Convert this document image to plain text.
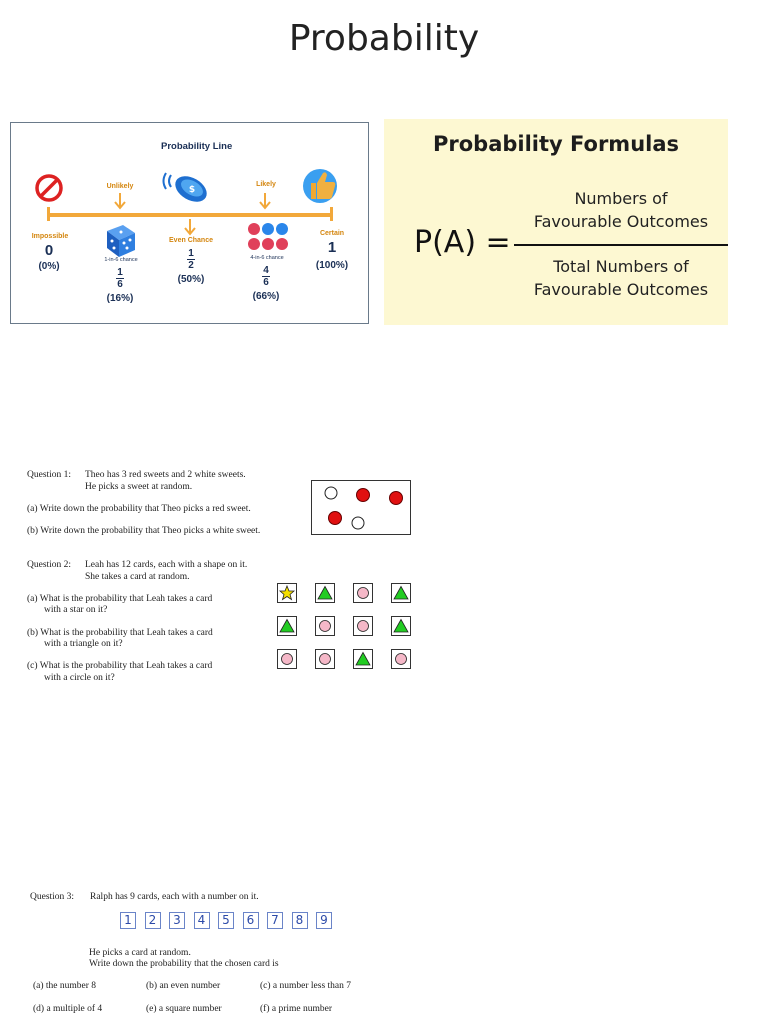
Probability
Probability Line
$
Impossible
0
(0%)
Unlikely
1-in-6 chance
1
6
(16%)
Even Chance
1
2
(50%)
Likely
4-in-6 chance
4
6
(66%)
Certain
1
(100%)
Probability Formulas
P(A) =
Numbers of
Favourable Outcomes
Total Numbers of
Favourable Outcomes
Question 1: Theo has 3 red sweets and 2 white sweets.
He picks a sweet at random.
(a) Write down the probability that Theo picks a red sweet.
(b) Write down the probability that Theo picks a white sweet.
Question 2: Leah has 12 cards, each with a shape on it.
She takes a card at random.
(a) What is the probability that Leah takes a card
with a star on it?
(b) What is the probability that Leah takes a card
with a triangle on it?
(c) What is the probability that Leah takes a card
with a circle on it?
Question 3: Ralph has 9 cards, each with a number on it.
1	2	3	4	5	6	7	8	9
He picks a card at random.
Write down the probability that the chosen card is
(a) the number 8	(b) an even number	(c) a number less than 7
(d) a multiple of 4	(e) a square number	(f) a prime number
